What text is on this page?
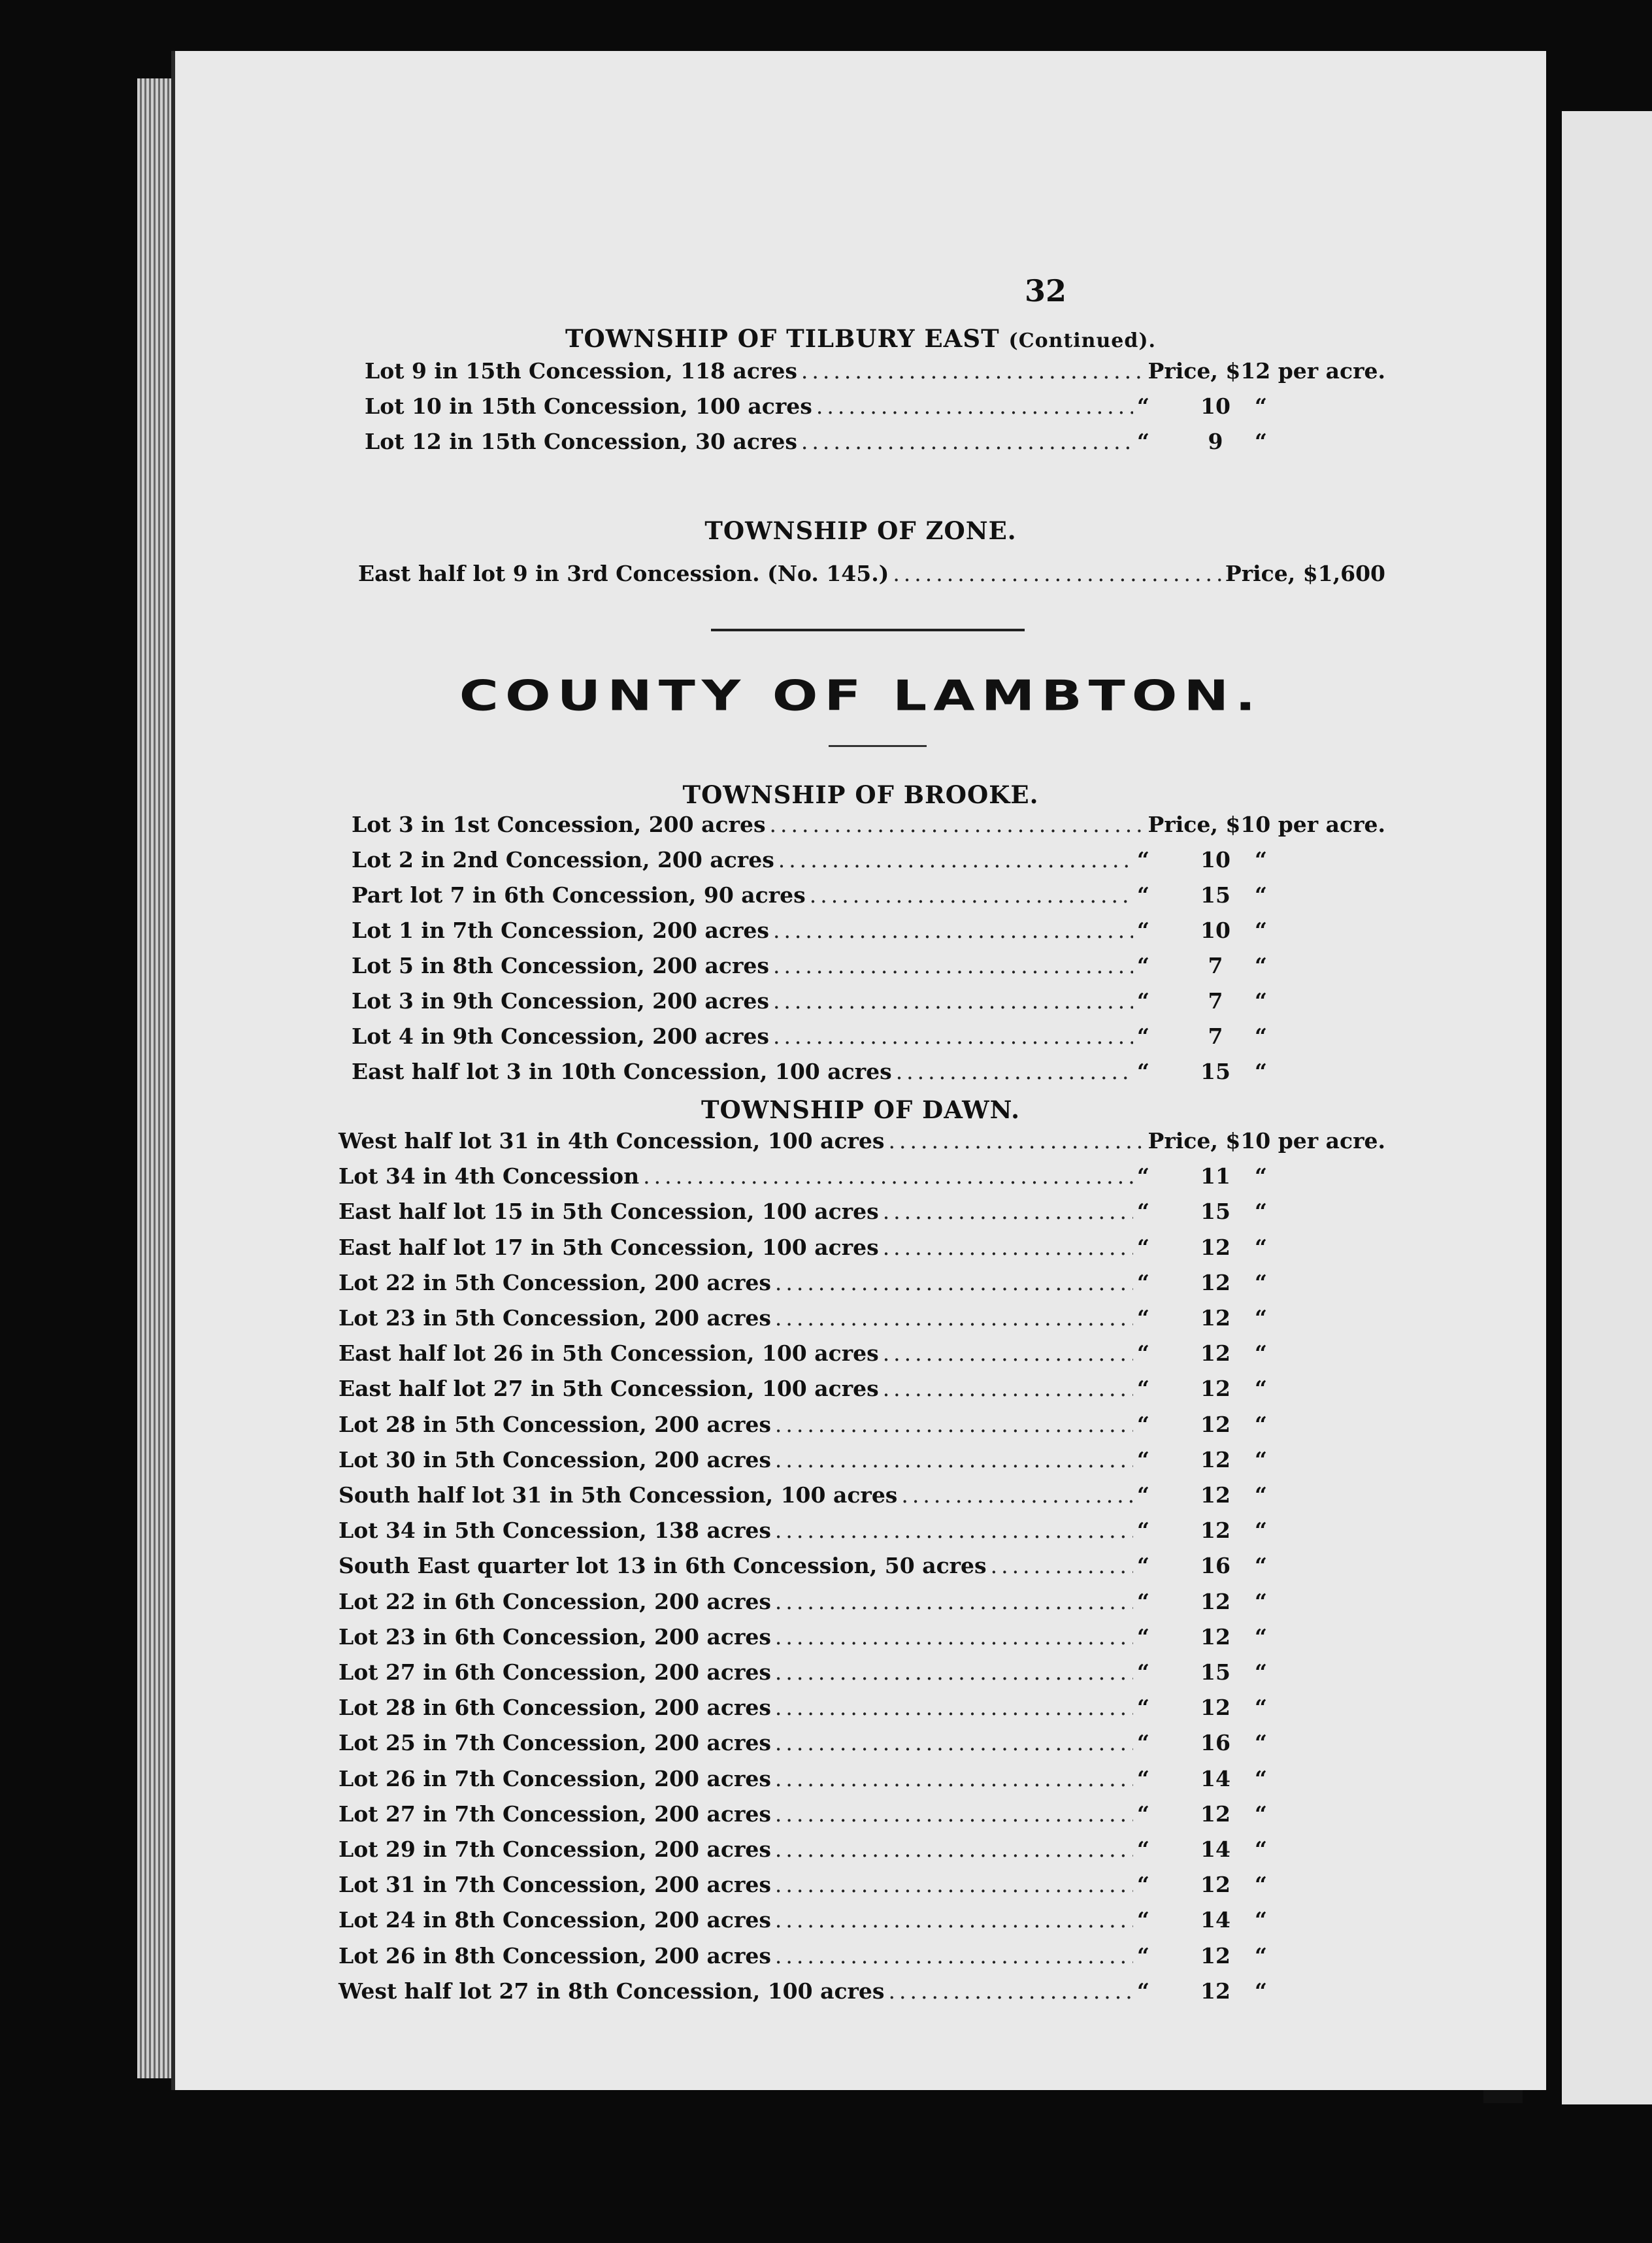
32
TOWNSHIP OF TILBURY EAST (Continued).
TOWNSHIP OF ZONE.
COUNTY OF LAMBTON.
TOWNSHIP OF BROOKE.
TOWNSHIP OF DAWN.
Lot 9 in 15th Concession, 118 acres .....	Price, $12 per acre.
Lot 10 in 15th Concession, 100 acres .....	“	10	“
Lot 12 in 15th Concession, 30 acres .....	“	9	“
East half lot 9 in 3rd Concession. (No. 145.) .....	Price, $1,600
Lot 3 in 1st Concession, 200 acres .....	Price, $10 per acre.
Lot 2 in 2nd Concession, 200 acres .....	“	10	“
Part lot 7 in 6th Concession, 90 acres .....	“	15	“
Lot 1 in 7th Concession, 200 acres .....	“	10	“
Lot 5 in 8th Concession, 200 acres .....	“	7	“
Lot 3 in 9th Concession, 200 acres .....	“	7	“
Lot 4 in 9th Concession, 200 acres .....	“	7	“
East half lot 3 in 10th Concession, 100 acres .....	“	15	“
West half lot 31 in 4th Concession, 100 acres .....	Price, $10 per acre.
Lot 34 in 4th Concession .....	“	11	“
East half lot 15 in 5th Concession, 100 acres .....	“	15	“
East half lot 17 in 5th Concession, 100 acres .....	“	12	“
Lot 22 in 5th Concession, 200 acres .....	“	12	“
Lot 23 in 5th Concession, 200 acres .....	“	12	“
East half lot 26 in 5th Concession, 100 acres .....	“	12	“
East half lot 27 in 5th Concession, 100 acres .....	“	12	“
Lot 28 in 5th Concession, 200 acres .....	“	12	“
Lot 30 in 5th Concession, 200 acres .....	“	12	“
South half lot 31 in 5th Concession, 100 acres .....	“	12	“
Lot 34 in 5th Concession, 138 acres .....	“	12	“
South East quarter lot 13 in 6th Concession, 50 acres .....	“	16	“
Lot 22 in 6th Concession, 200 acres .....	“	12	“
Lot 23 in 6th Concession, 200 acres .....	“	12	“
Lot 27 in 6th Concession, 200 acres .....	“	15	“
Lot 28 in 6th Concession, 200 acres .....	“	12	“
Lot 25 in 7th Concession, 200 acres .....	“	16	“
Lot 26 in 7th Concession, 200 acres .....	“	14	“
Lot 27 in 7th Concession, 200 acres .....	“	12	“
Lot 29 in 7th Concession, 200 acres .....	“	14	“
Lot 31 in 7th Concession, 200 acres .....	“	12	“
Lot 24 in 8th Concession, 200 acres .....	“	14	“
Lot 26 in 8th Concession, 200 acres .....	“	12	“
West half lot 27 in 8th Concession, 100 acres .....	“	12	“
